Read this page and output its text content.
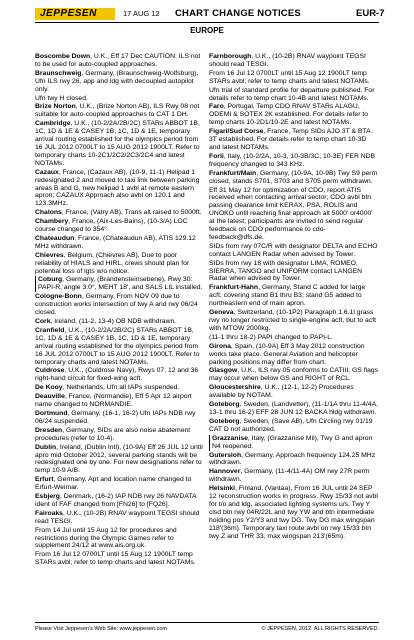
JEPPESEN	17 AUG 12 CHART CHANGE NOTICES	EUR-7
EUROPE

Boscombe Down, U.K., Eff 17 Dec CAUTION: ILS not to be used for auto-coupled approaches.

Braunschweig, Germany, (Braunschweig-Wolfsburg), Ufn ILS rwy 26, app and ldg with decoupled autopilot only.

Ufn twy H closed.

Brize Norton, U.K., (Brize Norton AB), ILS Rwy 08 not suitable for auto-coupled approaches to CAT 1 DH.

Cambridge, U.K., (10-2/2A/2B/2C) STARs ABBOT 1B, 1C, 1D & 1E & CASEY 1B, 1C, 1D & 1E, temporary arrival routing established for the olympics period from 16 JUL 2012 0700LT to 15 AUG 2012 1900LT. Refer to temporary charts 10-2C1/2C2/2C3/2C4 and latest NOTAMs.

Cazaux, France, (Cazaux AB), (10-9, 11-1) Helipad 1 redesignated 2 and moved to taxi link between parking areas B and G, new helipad 1 avbl at remote eastern apron; CAZAUX Approach also avbl on 120.1 and 123.3MHz.

Chalons, France, (Vatry AB), Trans alt raised to 5000ft.

Chambery, France, (Aix-Les-Bains), (10-3/A) LOC course changed to 354°.

Chateaudun, France, (Chateaudun AB), ATIS 129.12 MHz withdrawn.

Chievres, Belgium, (Chievres AB), Due to poor reliability of HIALS and HIRL, crews should plan for potential loss of lgts w/o notice.

Coburg, Germany, (Brandensteinsebene), Rwy 30: PAPI-R, angle 3.0°, MEHT 18', and SALS LIL installed.

Cologne-Bonn, Germany, From NOV 09 due to construction works intersection of twy A and rwy 06/24 closed.

Cork, Ireland, (11-2, 13-4) OB NDB withdrawn.

Cranfield, U.K., (10-2/2A/2B/2C) STARs ABBOT 1B, 1C, 1D & 1E & CASEY 1B, 1C, 1D & 1E, temporary arrival routing established for the olympics period from 16 JUL 2012 0700LT to 15 AUG 2012 1900LT. Refer to temporary charts and latest NOTAMs.

Culdrose, U.K., (Culdrose Navy), Rwys 07, 12 and 36 right-hand circuit for fixed-wing acft.

De Kooy, Netherlands, Ufn all IAPs suspended.

Deauville, France, (Normandie), Eff 5 Apr 12 airport name changed to NORMANDIE.

Dortmund, Germany, (16-1, 16-2) Ufn IAPs NDB rwy 06/24 suspended.

Dresden, Germany, SIDs are also noise abatement procedures (refer to 10-4).

Dublin, Ireland, (Dublin Intl), (10-9A) Eff 26 JUL 12 until apro mid October 2012, several parking stands will be redesignated one by one. For new designations refer to temp 10-9 A/B.

Erfurt, Germany, Apt and location name changed to Erfurt-Weimar.

Esbjerg, Denmark, (16-2) IAP NDB rwy 26 NAVDATA ident of FAF changed from [FN26] to [FQ26].

Fairoaks, U.K., (10-2B) RNAV waypoint TEGSI should read TESGI.

From 14 Jul until 15 Aug 12 for procedures and restrictions during the Olympic Games refer to supplement 24/12 at www.ais.org.uk.

From 16 Jul 12 0700LT until 15 Aug 12 1900LT temp STARs avbl; refer to temp charts and latest NOTAMs.

Farnborough, U.K., (10-2B) RNAV waypoint TEGSI should read TESGI.

From 16 Jul 12 0700LT until 15 Aug 12 1900LT temp STARs avbl; refer to temp charts and latest NOTAMs.

Ufn trial of standard profile for departure published. For details refer to temp chart 10-4B and latest NOTAMs.

Faro, Portugal, Temp CDO RNAV STARs ALAGU, ODEMI & SOTEX 2K established. For details refer to temp charts 10-2D1/10-2E and latest NOTAMs.

Figari/Sud Corse, France, Temp SIDs AJO 3T & BTA 3T established. For details refer to temp chart 10-3D and latest NOTAMs.

Forli, Italy, (10-2/2A, 10-3, 10-3B/3C, 10-3E) FER NDB frequency changed to 343 KHz.

Frankfurt/Main, Germany, (10-9A, 10-9B) Twy S9 perm closed, stands S701, S703 and S705 perm withdrawn.

Eff 31 May 12 for optimization of CDO, report ATIS received when contacting arrival sector; CDO avbl btn passing clearance limit KERAX, PSA, ROLIS and UNOKO until reaching final approach alt 5000' or4000' at the latest; participants are invited to send regular feedback on CDO performance to cdo-feedback@dfs.de.

SIDs from rwy 07C/R with designator DELTA and ECHO contact LANGEN Radar when advised by Tower.

SIDs from rwy 18 with designator LIMA, ROMEO, SIERRA, TANGO and UNIFORM contact LANGEN Radar when advised by Tower.

Frankfurt-Hahn, Germany, Stand C added for large acft, covering stand B1 thru B3; stand G5 added to northeastern end of main apron.

Geneva, Switzerland, (10-1P2) Paragraph 1.6.1l grass rwy no longer restricted to single-engine acft, but to acft with MTOW 2000kg.

(11-1 thru 18-2) PAPI changed to PAPI-L.

Girona, Spain, (10-9A) Eff 3 May 2012 construction works take place. General Aviation and helicopter parking positions may differ from chart.

Glasgow, U.K., ILS rwy 05 conforms to CATIII, GS flags may occur when below GS and RIGHT of RCL.

Gloucestershire, U.K., (12-1, 12-2) Procedures available by NOTAM.

Goteborg, Sweden, (Landvetter), (11-1/1A thru 11-4/4A, 13-1 thru 16-2) EFF 28 JUN 12 BACKA hldg withdrawn.

Goteborg, Sweden, (Save AB), Ufn Circling rwy 01/19 CAT D not authorized.

Grazzanise, Italy, (Grazzanise Mil), Twy G and apron N4 reopened.

Gutersloh, Germany, Approach frequency 124.25 MHz withdrawn.

Hannover, Germany, (11-4/11-4A) OM rwy 27R perm withdrawn.

Helsinki, Finland, (Vantaa), From 16 JUL until 24 SEP 12 reconstruction works in progress. Rwy 15/33 not avbl for t/o and ldg, associated lighting systems u/s. Twy Y clsd btn rwy 04R/22L and twy YW and btn intermediate holding pos Y2/Y3 and twy DG. Twy DG max wingspan 118'(36m). Temporary taxi route avbl on rwy 15/33 btn twy Z and THR 33, max wingspan 213'(65m).

Please Visit Jeppesen's Web Site: www.jeppesen.com	© JEPPESEN, 2012. ALL RIGHTS RESERVED.
